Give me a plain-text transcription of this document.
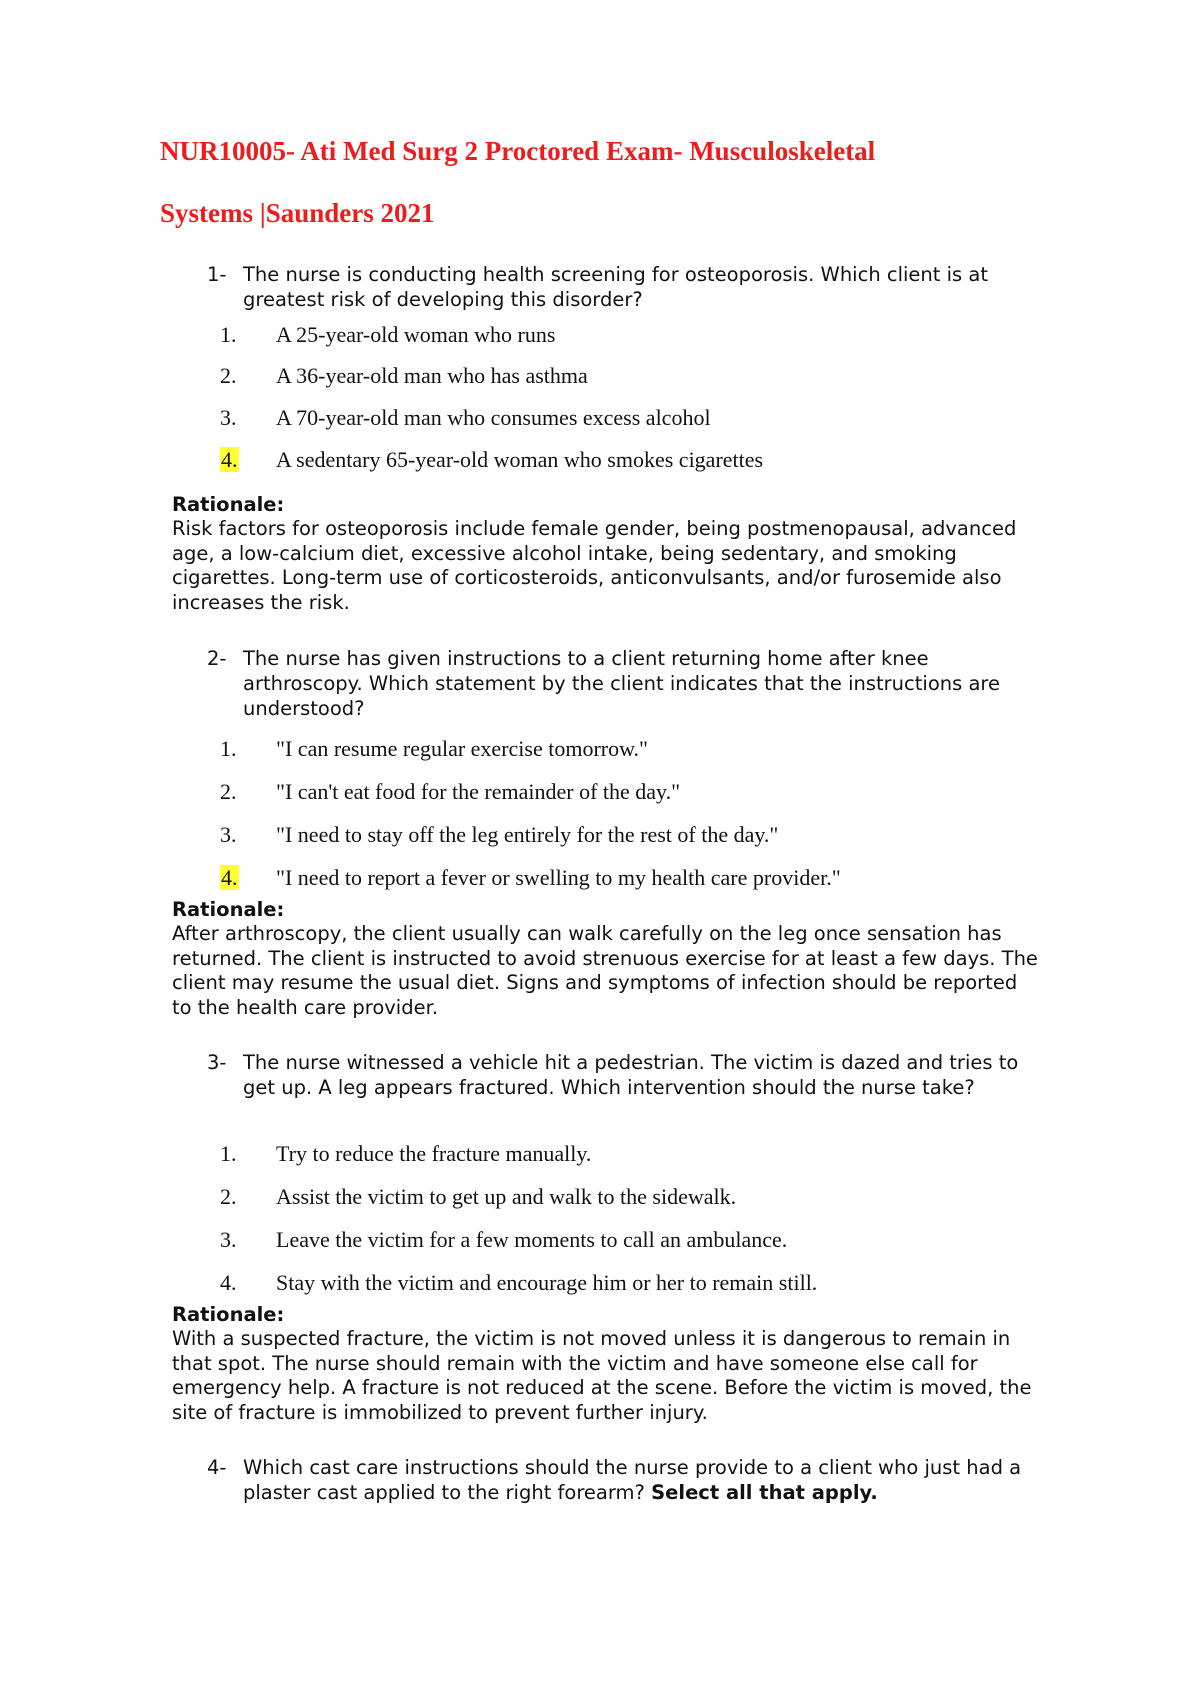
NUR10005- Ati Med Surg 2 Proctored Exam- Musculoskeletal
Systems |Saunders 2021
1- The nurse is conducting health screening for osteoporosis. Which client is at greatest risk of developing this disorder?
1. A 25-year-old woman who runs
2. A 36-year-old man who has asthma
3. A 70-year-old man who consumes excess alcohol
4. A sedentary 65-year-old woman who smokes cigarettes
Rationale:
Risk factors for osteoporosis include female gender, being postmenopausal, advanced age, a low-calcium diet, excessive alcohol intake, being sedentary, and smoking cigarettes. Long-term use of corticosteroids, anticonvulsants, and/or furosemide also increases the risk.
2- The nurse has given instructions to a client returning home after knee arthroscopy. Which statement by the client indicates that the instructions are understood?
1. "I can resume regular exercise tomorrow."
2. "I can't eat food for the remainder of the day."
3. "I need to stay off the leg entirely for the rest of the day."
4. "I need to report a fever or swelling to my health care provider."
Rationale:
After arthroscopy, the client usually can walk carefully on the leg once sensation has returned. The client is instructed to avoid strenuous exercise for at least a few days. The client may resume the usual diet. Signs and symptoms of infection should be reported to the health care provider.
3- The nurse witnessed a vehicle hit a pedestrian. The victim is dazed and tries to get up. A leg appears fractured. Which intervention should the nurse take?
1. Try to reduce the fracture manually.
2. Assist the victim to get up and walk to the sidewalk.
3. Leave the victim for a few moments to call an ambulance.
4. Stay with the victim and encourage him or her to remain still.
Rationale:
With a suspected fracture, the victim is not moved unless it is dangerous to remain in that spot. The nurse should remain with the victim and have someone else call for emergency help. A fracture is not reduced at the scene. Before the victim is moved, the site of fracture is immobilized to prevent further injury.
4- Which cast care instructions should the nurse provide to a client who just had a plaster cast applied to the right forearm? Select all that apply.
